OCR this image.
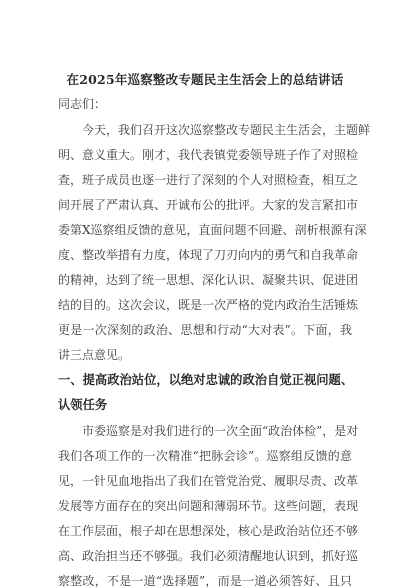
在2025年巡察整改专题民主生活会上的总结讲话
同志们：
今天，我们召开这次巡察整改专题民主生活会，主题鲜
明、意义重大。刚才，我代表镇党委领导班子作了对照检
查，班子成员也逐一进行了深刻的个人对照检查，相互之
间开展了严肃认真、开诚布公的批评。大家的发言紧扣市
委第X巡察组反馈的意见，直面问题不回避、剖析根源有深
度、整改举措有力度，体现了刀刃向内的勇气和自我革命
的精神，达到了统一思想、深化认识、凝聚共识、促进团
结的目的。这次会议，既是一次严格的党内政治生活锤炼
更是一次深刻的政治、思想和行动“大对表”。下面，我
讲三点意见。
一、提高政治站位，以绝对忠诚的政治自觉正视问题、
认领任务
市委巡察是对我们进行的一次全面“政治体检”，是对
我们各项工作的一次精准“把脉会诊”。巡察组反馈的意
见，一针见血地指出了我们在管党治党、履职尽责、改革
发展等方面存在的突出问题和薄弱环节。这些问题，表现
在工作层面，根子却在思想深处，核心是政治站位还不够
高、政治担当还不够强。我们必须清醒地认识到，抓好巡
察整改，不是一道“选择题”，而是一道必须答好、且只
